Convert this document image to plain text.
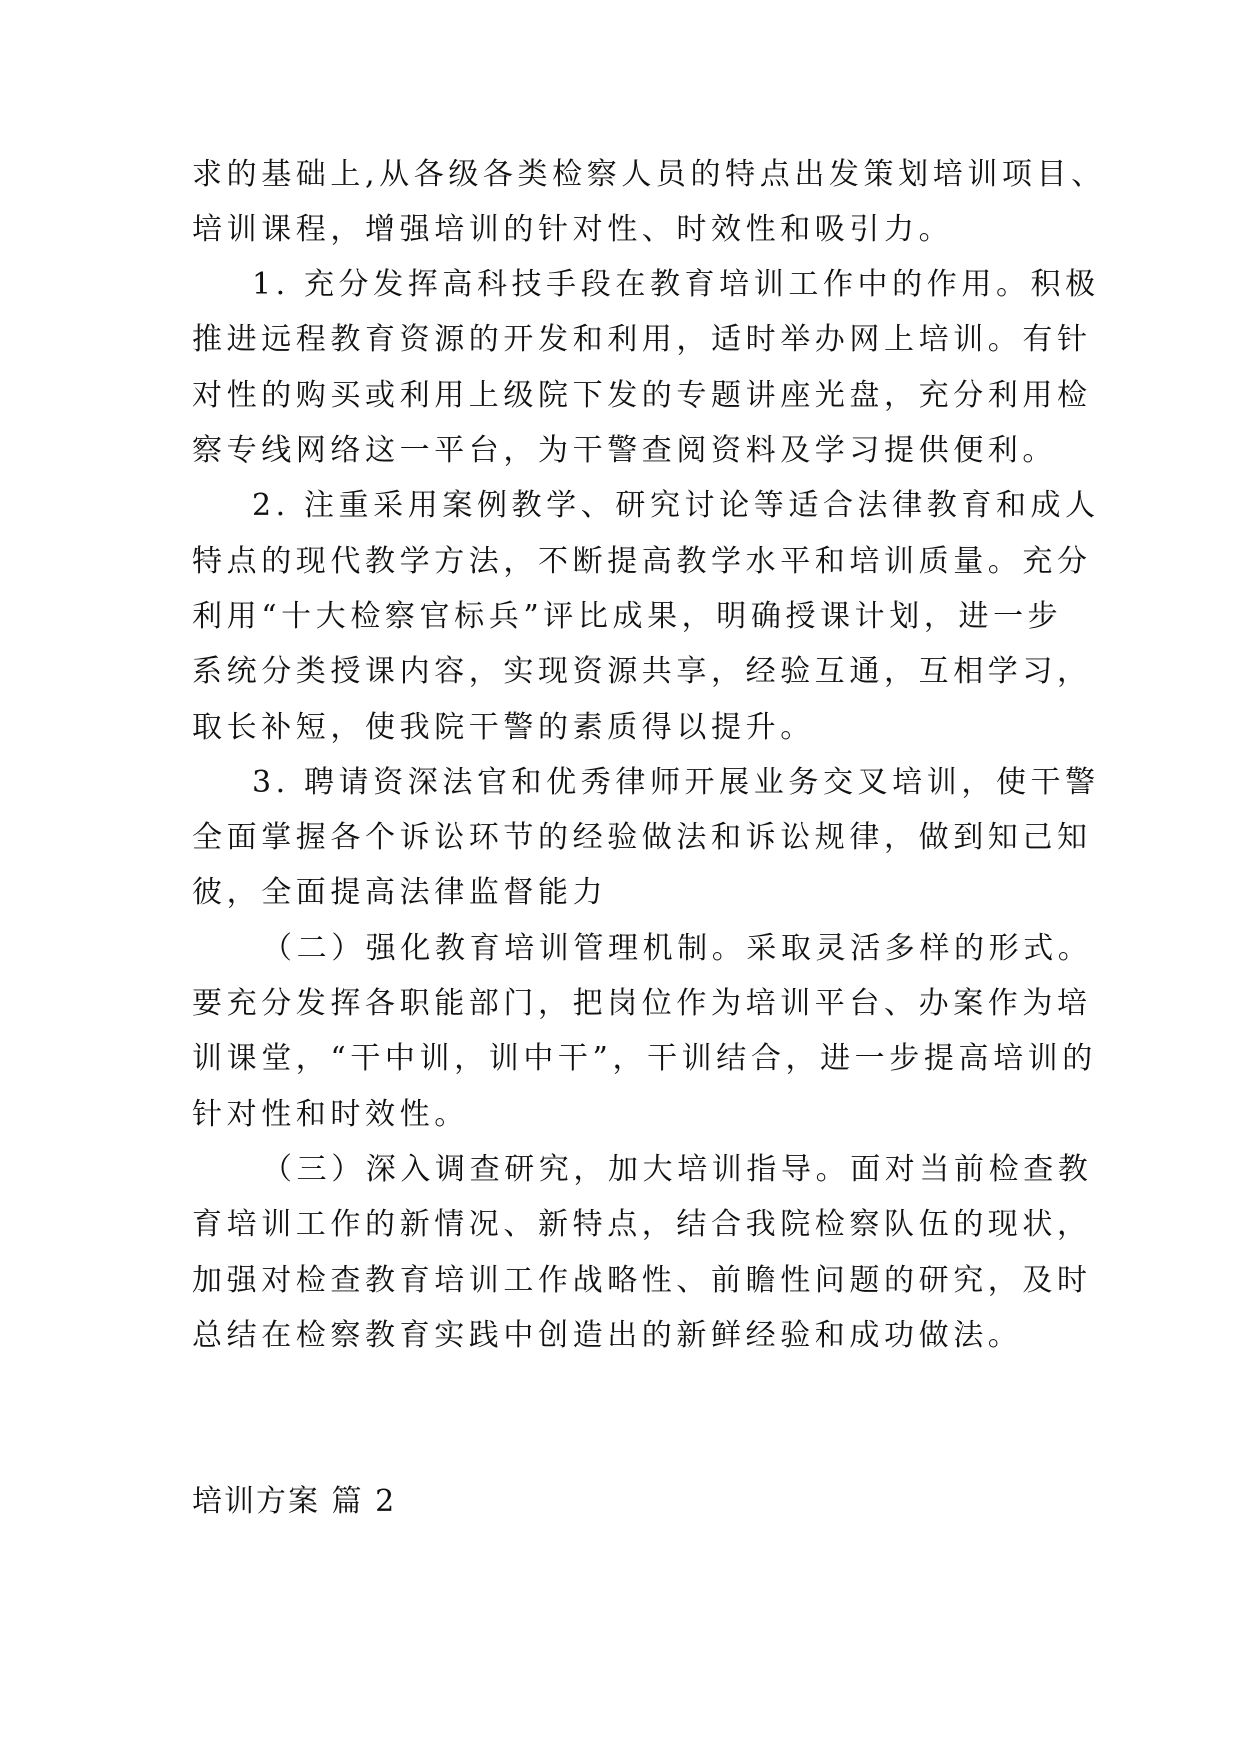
求的基础上,从各级各类检察人员的特点出发策划培训项目、
培训课程，增强培训的针对性、时效性和吸引力。
1. 充分发挥高科技手段在教育培训工作中的作用。积极
推进远程教育资源的开发和利用，适时举办网上培训。有针
对性的购买或利用上级院下发的专题讲座光盘，充分利用检
察专线网络这一平台，为干警查阅资料及学习提供便利。
2. 注重采用案例教学、研究讨论等适合法律教育和成人
特点的现代教学方法，不断提高教学水平和培训质量。充分
利用“十大检察官标兵”评比成果，明确授课计划，进一步
系统分类授课内容，实现资源共享，经验互通，互相学习，
取长补短，使我院干警的素质得以提升。
3. 聘请资深法官和优秀律师开展业务交叉培训，使干警
全面掌握各个诉讼环节的经验做法和诉讼规律，做到知己知
彼，全面提高法律监督能力
（二）强化教育培训管理机制。采取灵活多样的形式。
要充分发挥各职能部门，把岗位作为培训平台、办案作为培
训课堂，“干中训，训中干”，干训结合，进一步提高培训的
针对性和时效性。
（三）深入调查研究，加大培训指导。面对当前检查教
育培训工作的新情况、新特点，结合我院检察队伍的现状，
加强对检查教育培训工作战略性、前瞻性问题的研究，及时
总结在检察教育实践中创造出的新鲜经验和成功做法。
培训方案 篇 2
